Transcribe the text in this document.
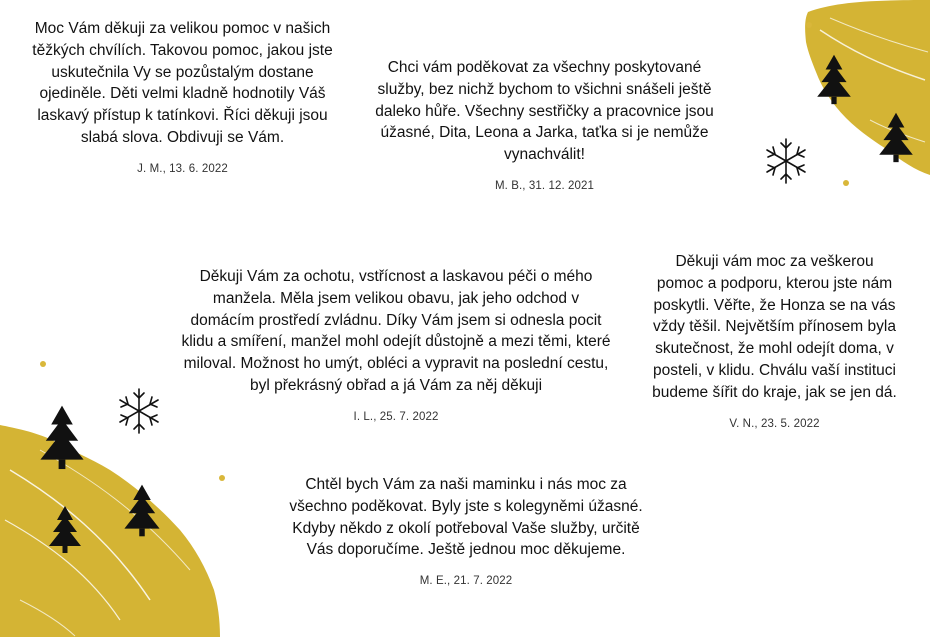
Moc Vám děkuji za velikou pomoc v našich těžkých chvílích. Takovou pomoc, jakou jste uskutečnila Vy se pozůstalým dostane ojediněle. Děti velmi kladně hodnotily Váš laskavý přístup k tatínkovi. Říci děkuji jsou slabá slova. Obdivuji se Vám.

J. M., 13. 6. 2022

Chci vám poděkovat za všechny poskytované služby, bez nichž bychom to všichni snášeli ještě daleko hůře. Všechny sestřičky a pracovnice jsou úžasné, Dita, Leona a Jarka, taťka si je nemůže vynachválit!

M. B., 31. 12. 2021

Děkuji Vám za ochotu, vstřícnost a laskavou péči o mého manžela. Měla jsem velikou obavu, jak jeho odchod v domácím prostředí zvládnu. Díky Vám jsem si odnesla pocit klidu a smíření, manžel mohl odejít důstojně a mezi těmi, které miloval. Možnost ho umýt, obléci a vypravit na poslední cestu, byl překrásný obřad a já Vám za něj děkuji

I. L., 25. 7. 2022

Děkuji vám moc za veškerou pomoc a podporu, kterou jste nám poskytli. Věřte, že Honza se na vás vždy těšil. Největším přínosem byla skutečnost, že mohl odejít doma, v posteli, v klidu. Chválu vaší instituci budeme šířit do kraje, jak se jen dá.

V. N., 23. 5. 2022

Chtěl bych Vám za naši maminku i nás moc za všechno poděkovat. Byly jste s kolegyněmi úžasné. Kdyby někdo z okolí potřeboval Vaše služby, určitě Vás doporučíme. Ještě jednou moc děkujeme.

M. E., 21. 7. 2022
